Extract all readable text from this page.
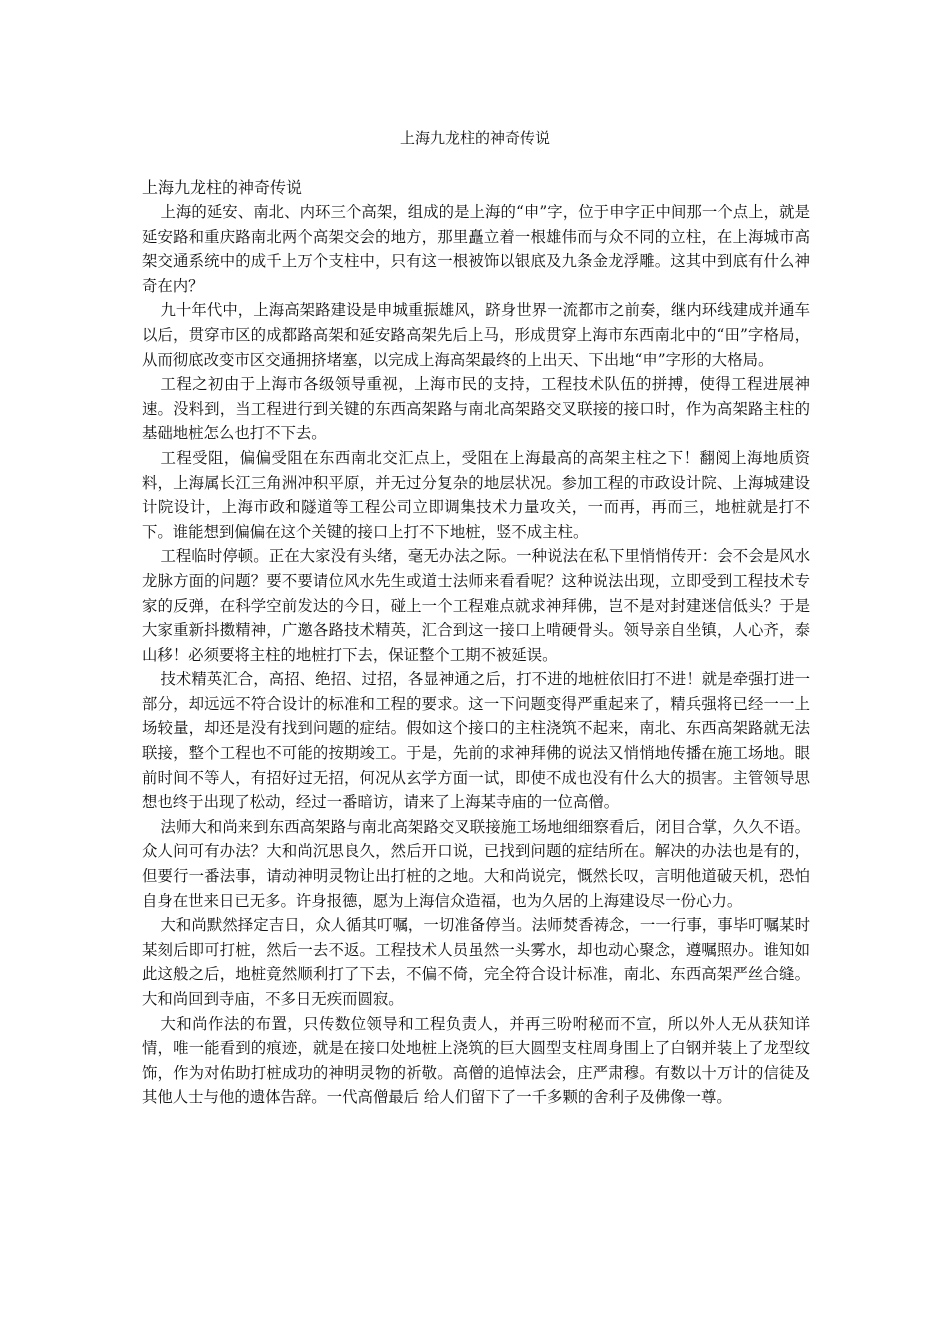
上海九龙柱的神奇传说
上海九龙柱的神奇传说

上海的延安、南北、内环三个高架，组成的是上海的“申”字，位于申字正中间那一个点上，就是延安路和重庆路南北两个高架交会的地方，那里矗立着一根雄伟而与众不同的立柱，在上海城市高架交通系统中的成千上万个支柱中，只有这一根被饰以银底及九条金龙浮雕。这其中到底有什么神奇在内？

九十年代中，上海高架路建设是申城重振雄风，跻身世界一流都市之前奏，继内环线建成并通车以后，贯穿市区的成都路高架和延安路高架先后上马，形成贯穿上海市东西南北中的“田”字格局，从而彻底改变市区交通拥挤堵塞，以完成上海高架最终的上出天、下出地“申”字形的大格局。

工程之初由于上海市各级领导重视，上海市民的支持，工程技术队伍的拼搏，使得工程进展神速。没料到，当工程进行到关键的东西高架路与南北高架路交叉联接的接口时，作为高架路主柱的基础地桩怎么也打不下去。

工程受阻，偏偏受阻在东西南北交汇点上，受阻在上海最高的高架主柱之下！翻阅上海地质资料，上海属长江三角洲冲积平原，并无过分复杂的地层状况。参加工程的市政设计院、上海城建设计院设计，上海市政和隧道等工程公司立即调集技术力量攻关，一而再，再而三，地桩就是打不下。谁能想到偏偏在这个关键的接口上打不下地桩，竖不成主柱。

工程临时停顿。正在大家没有头绪，毫无办法之际。一种说法在私下里悄悄传开：会不会是风水龙脉方面的问题？要不要请位风水先生或道士法师来看看呢？这种说法出现，立即受到工程技术专家的反弹，在科学空前发达的今日，碰上一个工程难点就求神拜佛，岂不是对封建迷信低头？于是大家重新抖擞精神，广邀各路技术精英，汇合到这一接口上啃硬骨头。领导亲自坐镇，人心齐，泰山移！必须要将主柱的地桩打下去，保证整个工期不被延误。

技术精英汇合，高招、绝招、过招，各显神通之后，打不进的地桩依旧打不进！就是牵强打进一部分，却远远不符合设计的标准和工程的要求。这一下问题变得严重起来了，精兵强将已经一一上场较量，却还是没有找到问题的症结。假如这个接口的主柱浇筑不起来，南北、东西高架路就无法联接，整个工程也不可能的按期竣工。于是，先前的求神拜佛的说法又悄悄地传播在施工场地。眼前时间不等人，有招好过无招，何况从玄学方面一试，即使不成也没有什么大的损害。主管领导思想也终于出现了松动，经过一番暗访，请来了上海某寺庙的一位高僧。

法师大和尚来到东西高架路与南北高架路交叉联接施工场地细细察看后，闭目合掌，久久不语。众人问可有办法？大和尚沉思良久，然后开口说，已找到问题的症结所在。解决的办法也是有的，但要行一番法事，请动神明灵物让出打桩的之地。大和尚说完，慨然长叹，言明他道破天机，恐怕自身在世来日已无多。许身报德，愿为上海信众造福，也为久居的上海建设尽一份心力。

大和尚默然择定吉日，众人循其叮嘱，一切准备停当。法师焚香祷念，一一行事，事毕叮嘱某时某刻后即可打桩，然后一去不返。工程技术人员虽然一头雾水，却也动心聚念，遵嘱照办。谁知如此这般之后，地桩竟然顺利打了下去，不偏不倚，完全符合设计标准，南北、东西高架严丝合缝。大和尚回到寺庙，不多日无疾而圆寂。

大和尚作法的布置，只传数位领导和工程负责人，并再三吩咐秘而不宣，所以外人无从获知详情，唯一能看到的痕迹，就是在接口处地桩上浇筑的巨大圆型支柱周身围上了白钢并装上了龙型纹饰，作为对佑助打桩成功的神明灵物的祈敬。高僧的追悼法会，庄严肃穆。有数以十万计的信徒及其他人士与他的遗体告辞。一代高僧最后 给人们留下了一千多颗的舍利子及佛像一尊。
